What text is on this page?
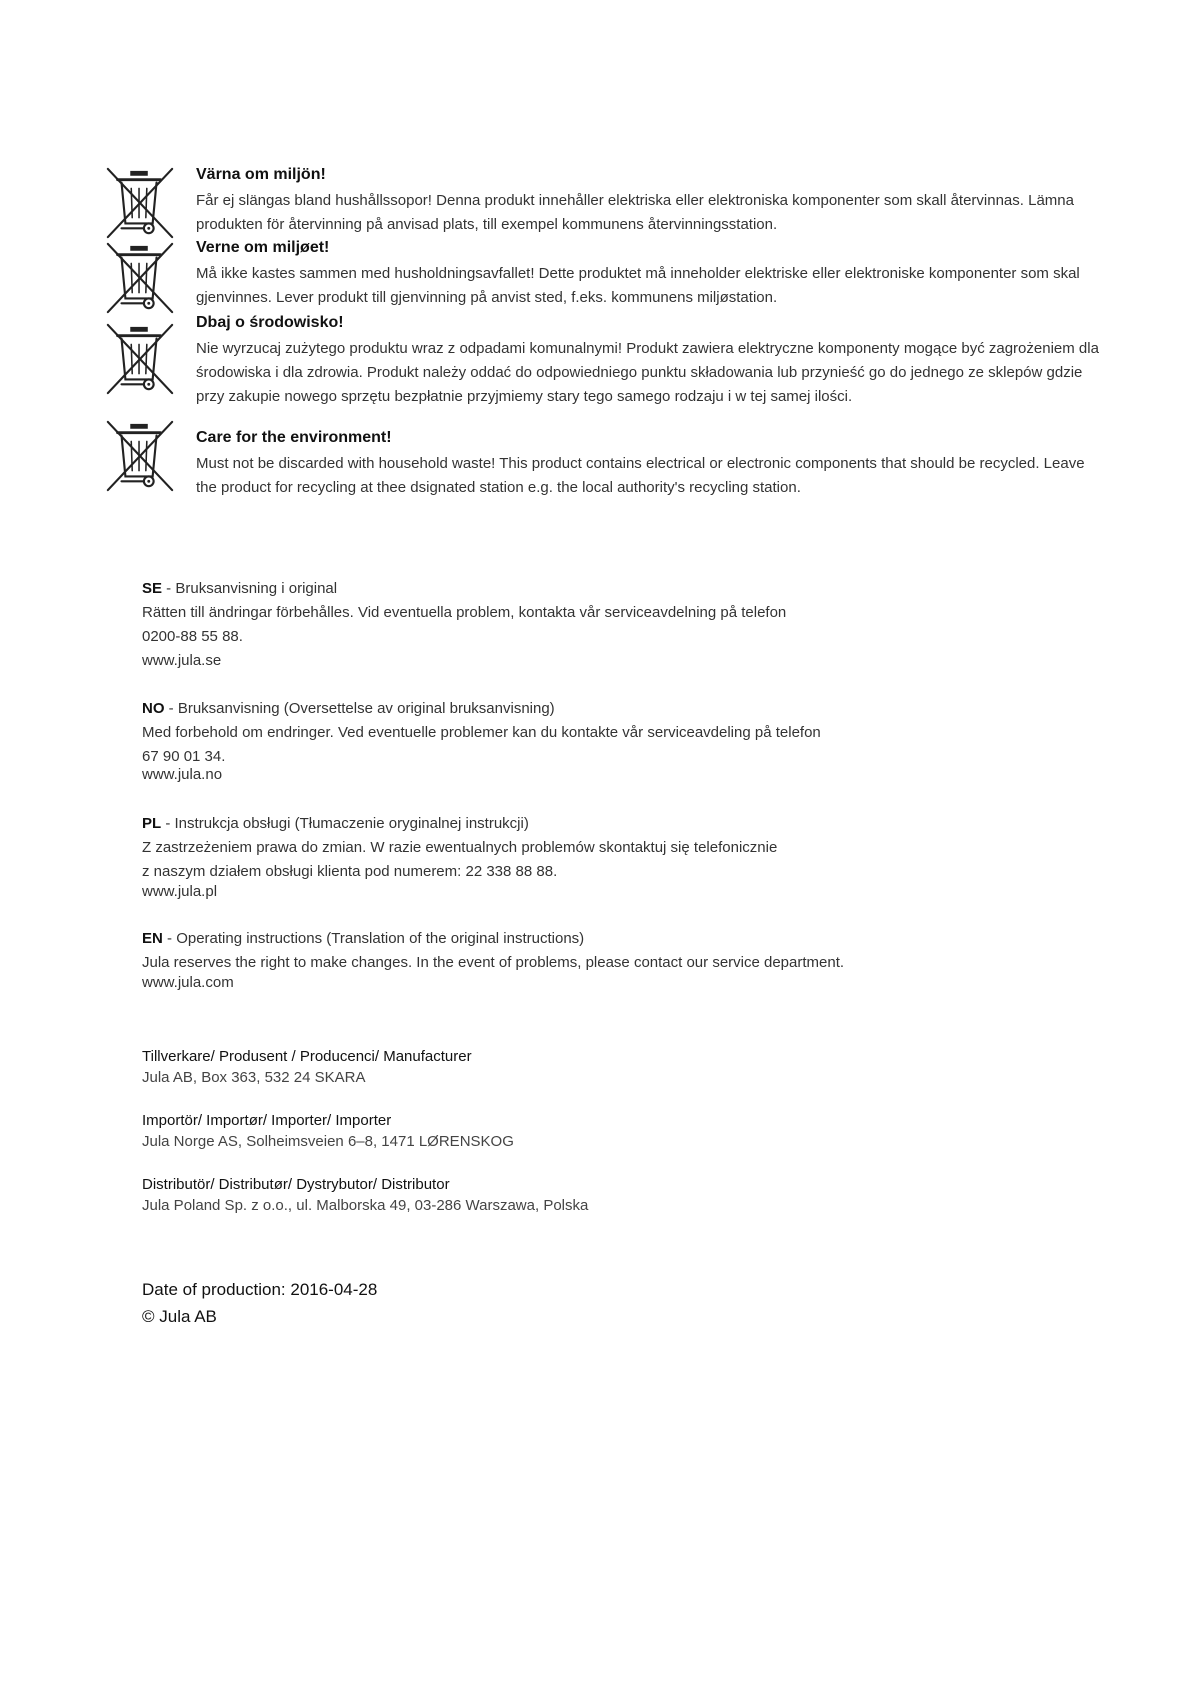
Värna om miljön!

Får ej slängas bland hushållssopor! Denna produkt innehåller elektriska eller elektroniska komponenter som skall återvinnas. Lämna produkten för återvinning på anvisad plats, till exempel kommunens återvinningsstation.

Verne om miljøet!

Må ikke kastes sammen med husholdningsavfallet! Dette produktet må inneholder elektriske eller elektroniske komponenter som skal gjenvinnes. Lever produkt till gjenvinning på anvist sted, f.eks. kommunens miljøstation.

Dbaj o środowisko!

Nie wyrzucaj zużytego produktu wraz z odpadami komunalnymi! Produkt zawiera elektryczne komponenty mogące być zagrożeniem dla środowiska i dla zdrowia. Produkt należy oddać do odpowiedniego punktu składowania lub przynieść go do jednego ze sklepów gdzie przy zakupie nowego sprzętu bezpłatnie przyjmiemy stary tego samego rodzaju i w tej samej ilości.

Care for the environment!

Must not be discarded with household waste! This product contains electrical or electronic components that should be recycled. Leave the product for recycling at thee dsignated station e.g. the local authority's recycling station.

SE - Bruksanvisning i original

Rätten till ändringar förbehålles. Vid eventuella problem, kontakta vår serviceavdelning på telefon

0200-88 55 88.

www.jula.se

NO - Bruksanvisning (Oversettelse av original bruksanvisning)

Med forbehold om endringer. Ved eventuelle problemer kan du kontakte vår serviceavdeling på telefon

67 90 01 34.

www.jula.no

PL - Instrukcja obsługi (Tłumaczenie oryginalnej instrukcji)

Z zastrzeżeniem prawa do zmian. W razie ewentualnych problemów skontaktuj się telefonicznie

z naszym działem obsługi klienta pod numerem: 22 338 88 88.

www.jula.pl

EN - Operating instructions (Translation of the original instructions)

Jula reserves the right to make changes. In the event of problems, please contact our service department.

www.jula.com

Tillverkare/ Produsent / Producenci/ Manufacturer
Jula AB, Box 363, 532 24 SKARA
Importör/ Importør/ Importer/ Importer
Jula Norge AS, Solheimsveien 6–8, 1471 LØRENSKOG
Distributör/ Distributør/ Dystrybutor/ Distributor
Jula Poland Sp. z o.o., ul. Malborska 49, 03-286 Warszawa, Polska

Date of production: 2016-04-28

© Jula AB
